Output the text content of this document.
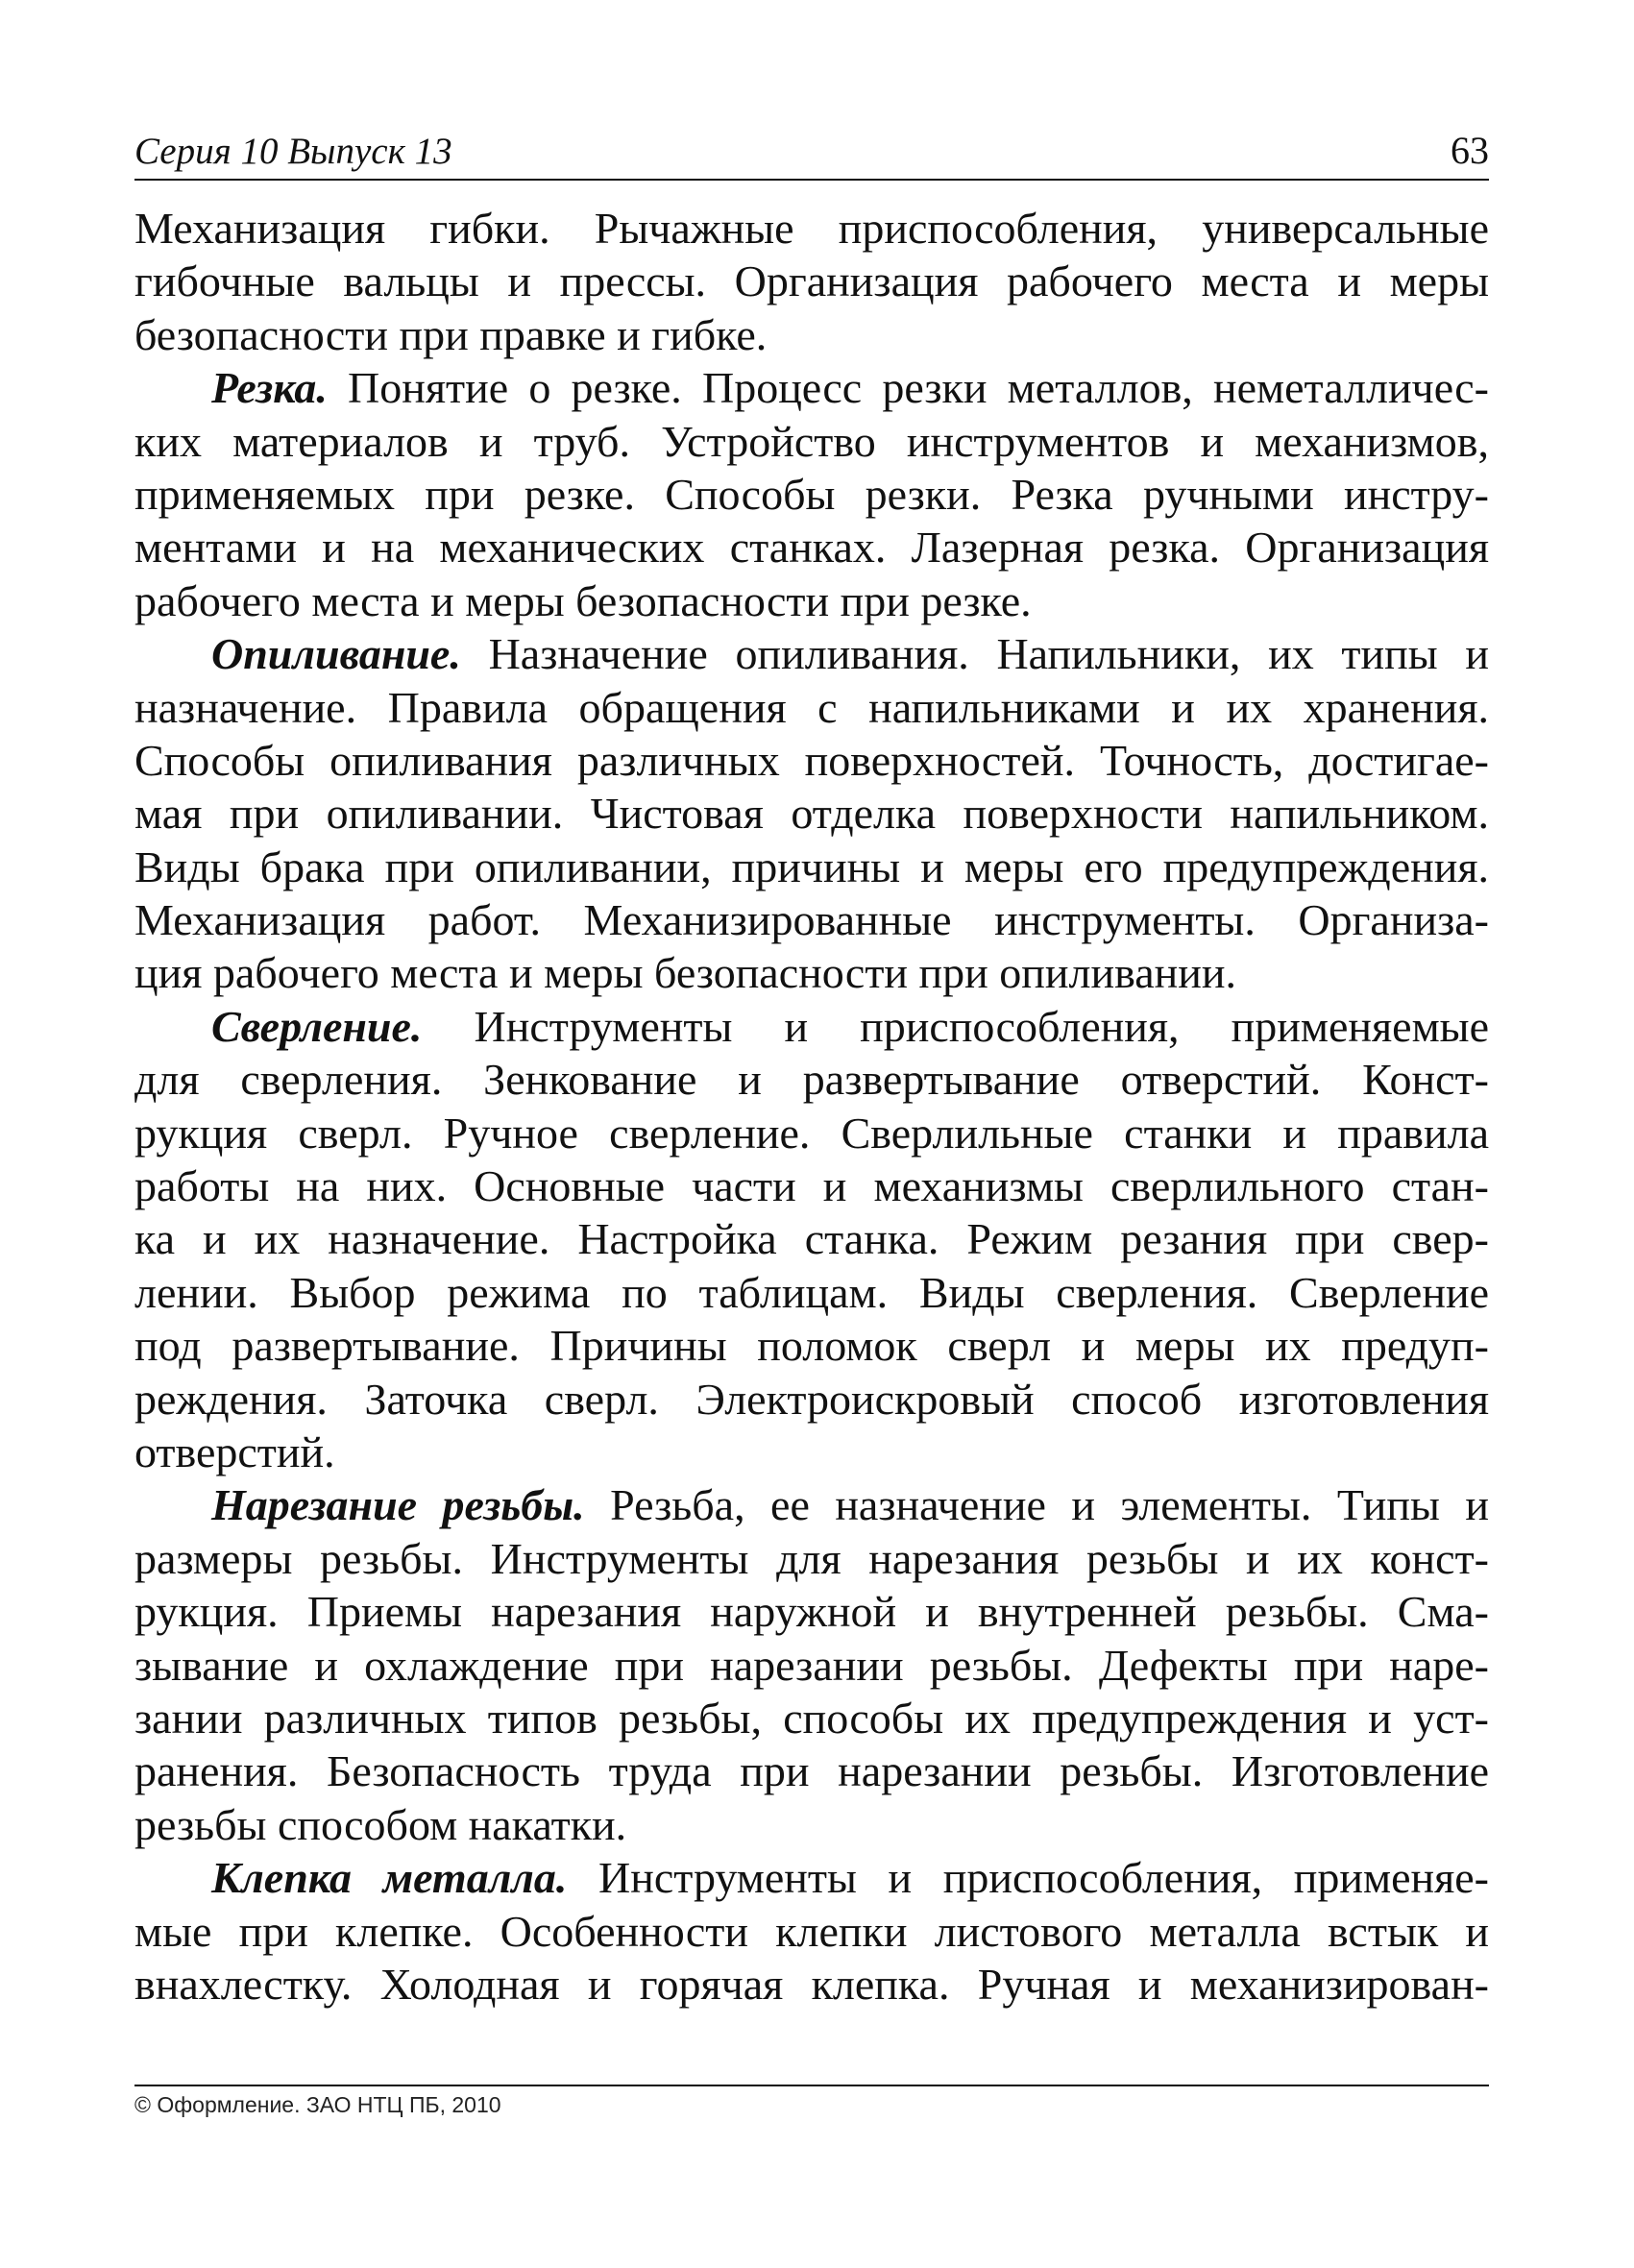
Серия 10 Выпуск 13	63
Механизация гибки. Рычажные приспособления, универсальные
гибочные вальцы и прессы. Организация рабочего места и меры
безопасности при правке и гибке.
Резка. Понятие о резке. Процесс резки металлов, неметалличес-
ких материалов и труб. Устройство инструментов и механизмов,
применяемых при резке. Способы резки. Резка ручными инстру-
ментами и на механических станках. Лазерная резка. Организация
рабочего места и меры безопасности при резке.
Опиливание. Назначение опиливания. Напильники, их типы и
назначение. Правила обращения с напильниками и их хранения.
Способы опиливания различных поверхностей. Точность, достигае-
мая при опиливании. Чистовая отделка поверхности напильником.
Виды брака при опиливании, причины и меры его предупреждения.
Механизация работ. Механизированные инструменты. Организа-
ция рабочего места и меры безопасности при опиливании.
Сверление. Инструменты и приспособления, применяемые
для сверления. Зенкование и развертывание отверстий. Конст-
рукция сверл. Ручное сверление. Сверлильные станки и правила
работы на них. Основные части и механизмы сверлильного стан-
ка и их назначение. Настройка станка. Режим резания при свер-
лении. Выбор режима по таблицам. Виды сверления. Сверление
под развертывание. Причины поломок сверл и меры их предуп-
реждения. Заточка сверл. Электроискровый способ изготовления
отверстий.
Нарезание резьбы. Резьба, ее назначение и элементы. Типы и
размеры резьбы. Инструменты для нарезания резьбы и их конст-
рукция. Приемы нарезания наружной и внутренней резьбы. Сма-
зывание и охлаждение при нарезании резьбы. Дефекты при наре-
зании различных типов резьбы, способы их предупреждения и уст-
ранения. Безопасность труда при нарезании резьбы. Изготовление
резьбы способом накатки.
Клепка металла. Инструменты и приспособления, применяе-
мые при клепке. Особенности клепки листового металла встык и
внахлестку. Холодная и горячая клепка. Ручная и механизирован-
© Оформление. ЗАО НТЦ ПБ, 2010
